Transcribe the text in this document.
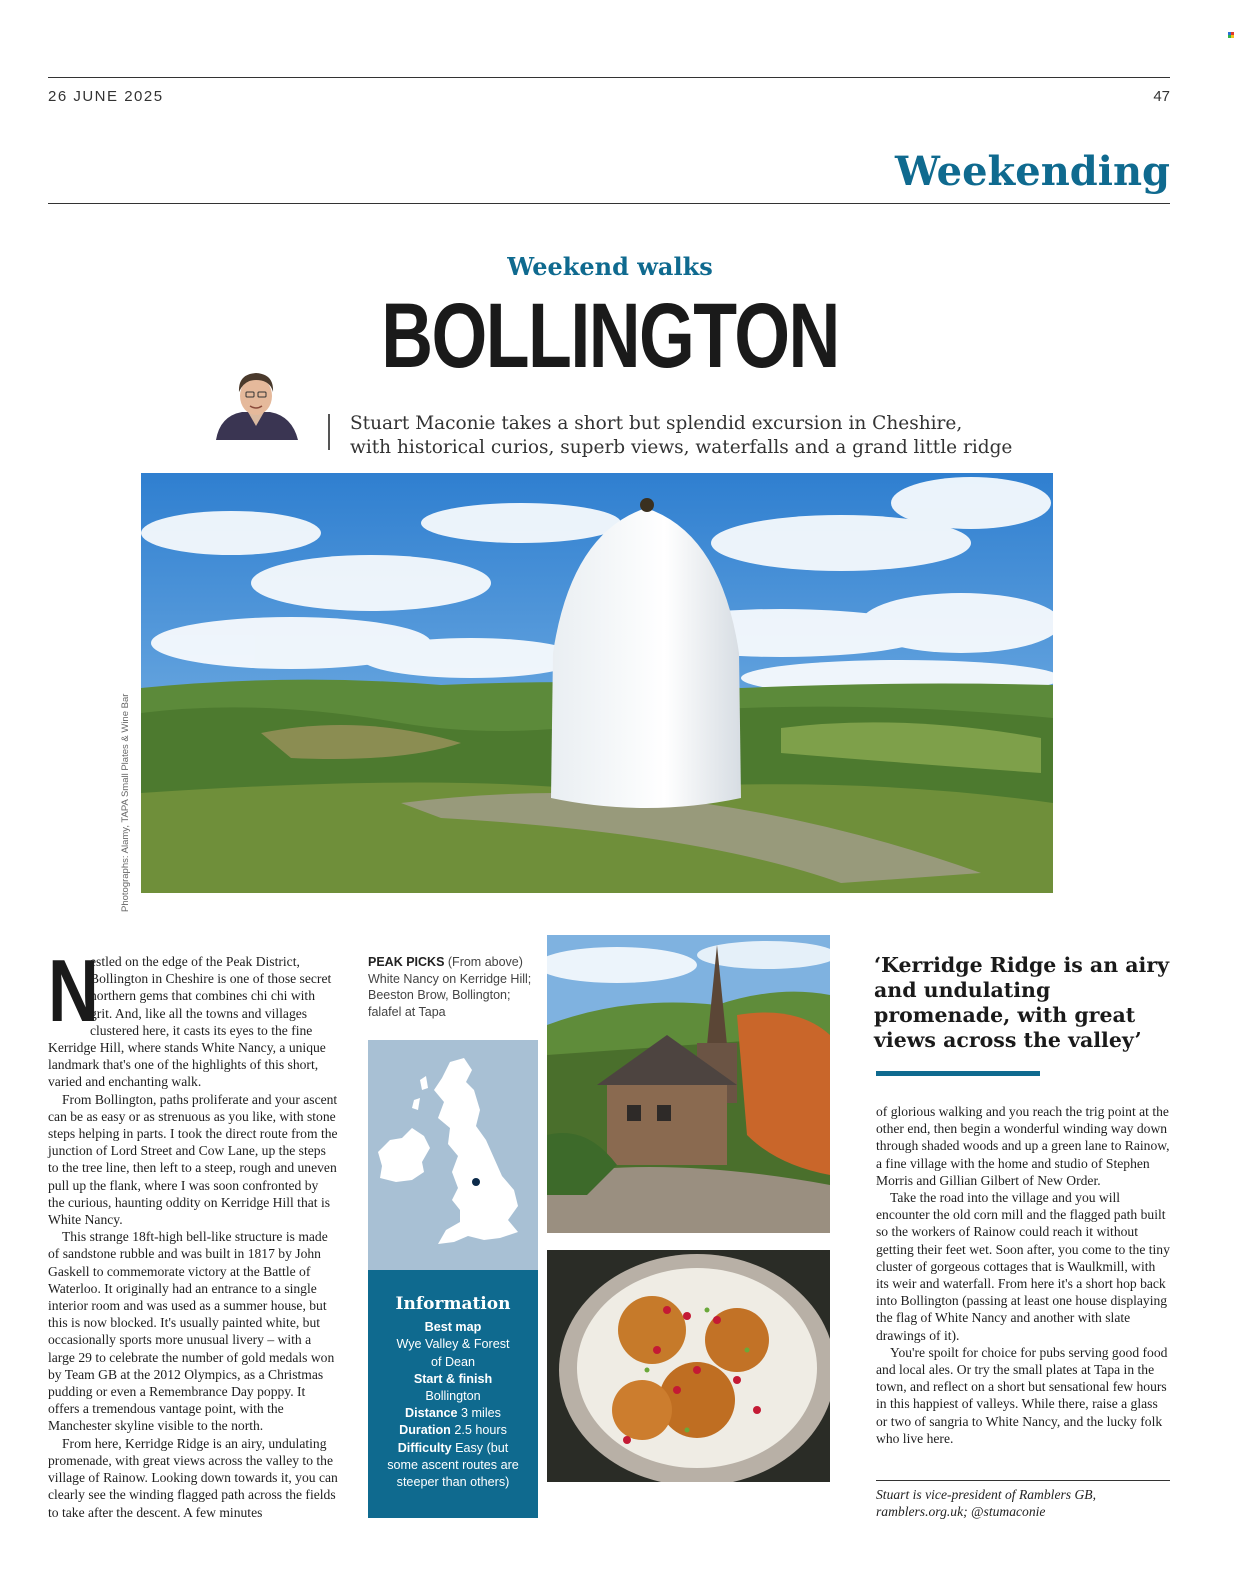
26 JUNE 2025	47
Weekending
Weekend walks
BOLLINGTON
Stuart Maconie takes a short but splendid excursion in Cheshire,
with historical curios, superb views, waterfalls and a grand little ridge
Photographs: Alamy, TAPA Small Plates & Wine Bar

N
estled on the edge of the Peak District, Bollington in Cheshire is one of those secret northern gems that combines chi chi with grit. And, like all the towns and villages clustered here, it casts its eyes to the fine Kerridge Hill, where stands White Nancy, a unique landmark that's one of the highlights of this short, varied and enchanting walk.

From Bollington, paths proliferate and your ascent can be as easy or as strenuous as you like, with stone steps helping in parts. I took the direct route from the junction of Lord Street and Cow Lane, up the steps to the tree line, then left to a steep, rough and uneven pull up the flank, where I was soon confronted by the curious, haunting oddity on Kerridge Hill that is White Nancy.

This strange 18ft-high bell-like structure is made of sandstone rubble and was built in 1817 by John Gaskell to commemorate victory at the Battle of Waterloo. It originally had an entrance to a single interior room and was used as a summer house, but this is now blocked. It's usually painted white, but occasionally sports more unusual livery – with a large 29 to celebrate the number of gold medals won by Team GB at the 2012 Olympics, as a Christmas pudding or even a Remembrance Day poppy. It offers a tremendous vantage point, with the Manchester skyline visible to the north.

From here, Kerridge Ridge is an airy, undulating promenade, with great views across the valley to the village of Rainow. Looking down towards it, you can clearly see the winding flagged path across the fields to take after the descent. A few minutes

PEAK PICKS (From above) White Nancy on Kerridge Hill; Beeston Brow, Bollington; falafel at Tapa
Information
Best map
Wye Valley & Forest of Dean
Start & finish
Bollington
Distance 3 miles
Duration 2.5 hours
Difficulty Easy (but some ascent routes are steeper than others)
‘Kerridge Ridge is an airy and undulating promenade, with great views across the valley’

of glorious walking and you reach the trig point at the other end, then begin a wonderful winding way down through shaded woods and up a green lane to Rainow, a fine village with the home and studio of Stephen Morris and Gillian Gilbert of New Order.

Take the road into the village and you will encounter the old corn mill and the flagged path built so the workers of Rainow could reach it without getting their feet wet. Soon after, you come to the tiny cluster of gorgeous cottages that is Waulkmill, with its weir and waterfall. From here it's a short hop back into Bollington (passing at least one house displaying the flag of White Nancy and another with slate drawings of it).

You're spoilt for choice for pubs serving good food and local ales. Or try the small plates at Tapa in the town, and reflect on a short but sensational few hours in this happiest of valleys. While there, raise a glass or two of sangria to White Nancy, and the lucky folk who live here.

Stuart is vice-president of Ramblers GB, ramblers.org.uk; @stumaconie
